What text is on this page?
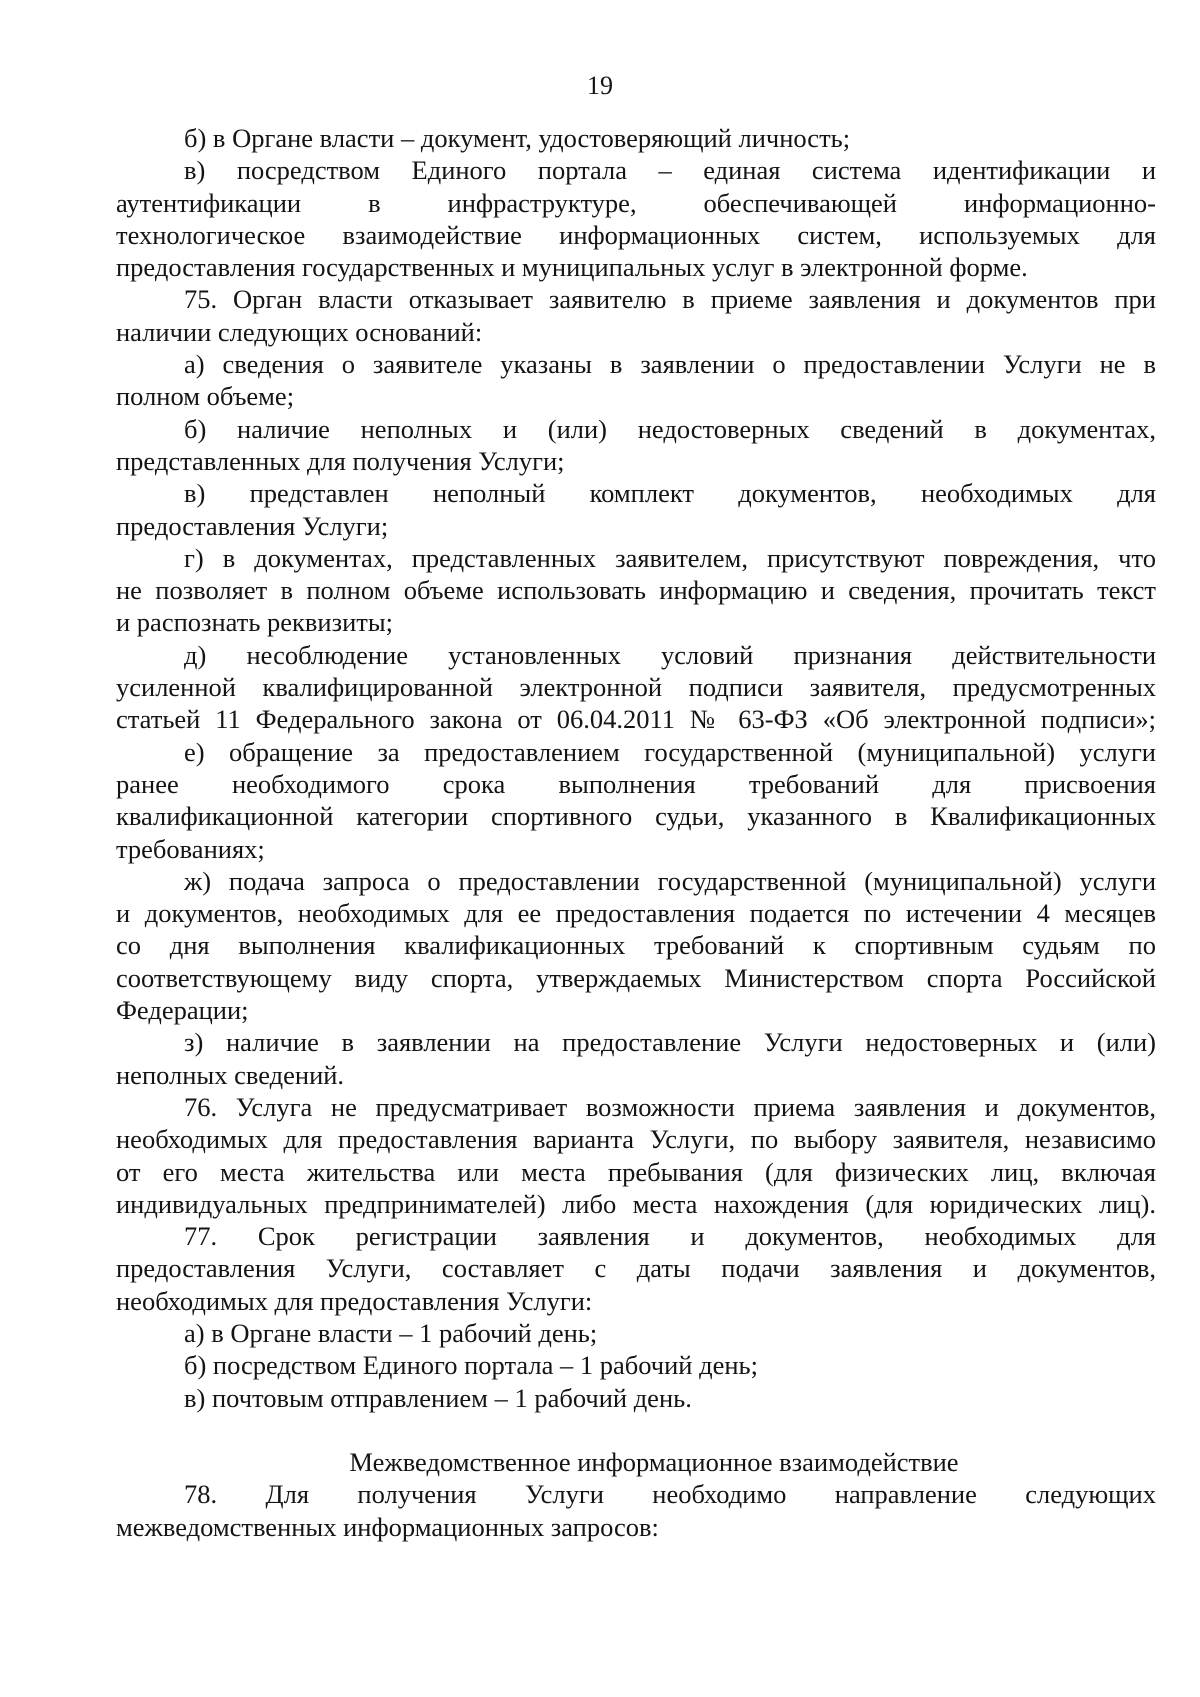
19
б) в Органе власти – документ, удостоверяющий личность;
в) посредством Единого портала – единая система идентификации и
аутентификации в инфраструктуре, обеспечивающей информационно-
технологическое взаимодействие информационных систем, используемых для
предоставления государственных и муниципальных услуг в электронной форме.
75. Орган власти отказывает заявителю в приеме заявления и документов при
наличии следующих оснований:
а) сведения о заявителе указаны в заявлении о предоставлении Услуги не в
полном объеме;
б) наличие неполных и (или) недостоверных сведений в документах,
представленных для получения Услуги;
в) представлен неполный комплект документов, необходимых для
предоставления Услуги;
г) в документах, представленных заявителем, присутствуют повреждения, что
не позволяет в полном объеме использовать информацию и сведения, прочитать текст
и распознать реквизиты;
д) несоблюдение установленных условий признания действительности
усиленной квалифицированной электронной подписи заявителя, предусмотренных
статьей 11 Федерального закона от 06.04.2011 № 63-ФЗ «Об электронной подписи»;
е) обращение за предоставлением государственной (муниципальной) услуги
ранее необходимого срока выполнения требований для присвоения
квалификационной категории спортивного судьи, указанного в Квалификационных
требованиях;
ж) подача запроса о предоставлении государственной (муниципальной) услуги
и документов, необходимых для ее предоставления подается по истечении 4 месяцев
со дня выполнения квалификационных требований к спортивным судьям по
соответствующему виду спорта, утверждаемых Министерством спорта Российской
Федерации;
з) наличие в заявлении на предоставление Услуги недостоверных и (или)
неполных сведений.
76. Услуга не предусматривает возможности приема заявления и документов,
необходимых для предоставления варианта Услуги, по выбору заявителя, независимо
от его места жительства или места пребывания (для физических лиц, включая
индивидуальных предпринимателей) либо места нахождения (для юридических лиц).
77. Срок регистрации заявления и документов, необходимых для
предоставления Услуги, составляет с даты подачи заявления и документов,
необходимых для предоставления Услуги:
а) в Органе власти – 1 рабочий день;
б) посредством Единого портала – 1 рабочий день;
в) почтовым отправлением – 1 рабочий день.
Межведомственное информационное взаимодействие
78. Для получения Услуги необходимо направление следующих
межведомственных информационных запросов:
